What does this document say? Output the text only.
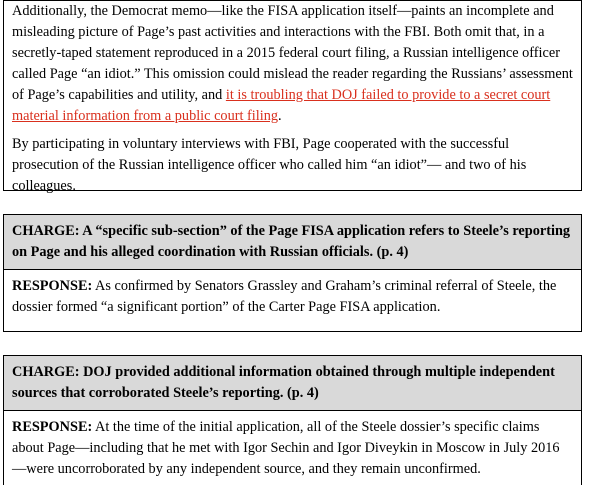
Additionally, the Democrat memo—like the FISA application itself—paints an incomplete and misleading picture of Page’s past activities and interactions with the FBI. Both omit that, in a secretly-taped statement reproduced in a 2015 federal court filing, a Russian intelligence officer called Page “an idiot.” This omission could mislead the reader regarding the Russians’ assessment of Page’s capabilities and utility, and it is troubling that DOJ failed to provide to a secret court material information from a public court filing.

By participating in voluntary interviews with FBI, Page cooperated with the successful prosecution of the Russian intelligence officer who called him “an idiot”— and two of his colleagues.

CHARGE: A “specific sub-section” of the Page FISA application refers to Steele’s reporting on Page and his alleged coordination with Russian officials. (p. 4)
RESPONSE: As confirmed by Senators Grassley and Graham’s criminal referral of Steele, the dossier formed “a significant portion” of the Carter Page FISA application.
CHARGE: DOJ provided additional information obtained through multiple independent sources that corroborated Steele’s reporting. (p. 4)
RESPONSE: At the time of the initial application, all of the Steele dossier’s specific claims about Page—including that he met with Igor Sechin and Igor Diveykin in Moscow in July 2016—were uncorroborated by any independent source, and they remain unconfirmed.
